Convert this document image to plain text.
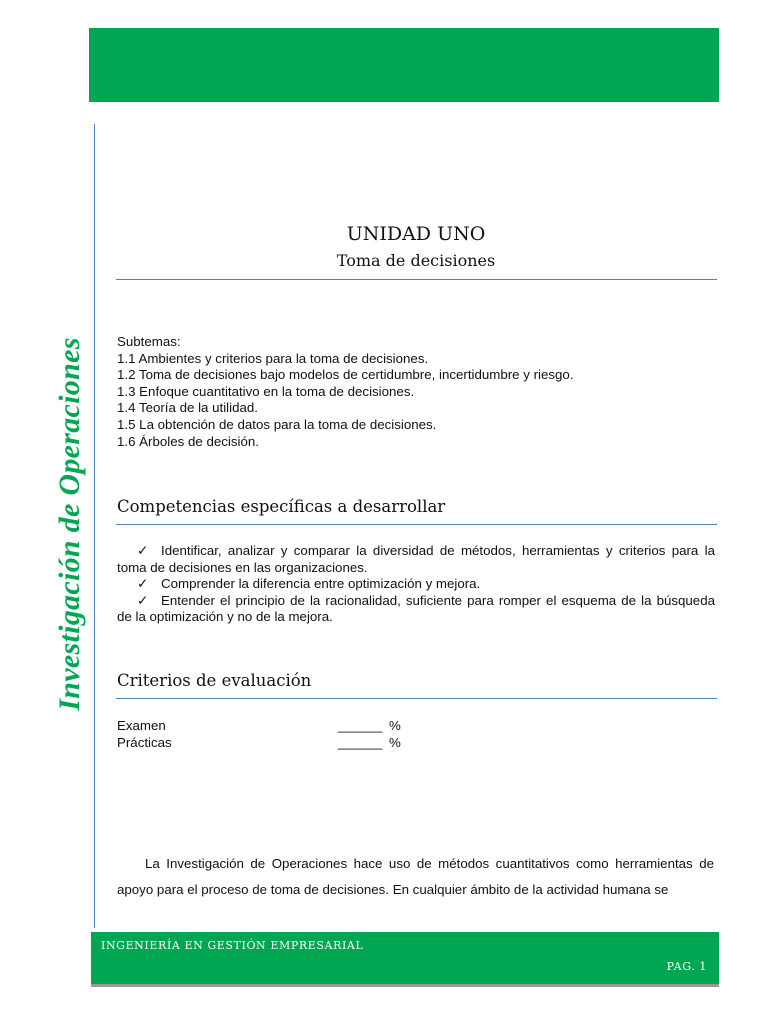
Investigación de Operaciones
UNIDAD UNO
Toma de decisiones
Subtemas:
1.1 Ambientes y criterios para la toma de decisiones.
1.2 Toma de decisiones bajo modelos de certidumbre, incertidumbre y riesgo.
1.3 Enfoque cuantitativo en la toma de decisiones.
1.4 Teoría de la utilidad.
1.5 La obtención de datos para la toma de decisiones.
1.6 Árboles de decisión.
Competencias específicas a desarrollar
✓ Identificar, analizar y comparar la diversidad de métodos, herramientas y criterios para la toma de decisiones en las organizaciones.
✓ Comprender la diferencia entre optimización y mejora.
✓ Entender el principio de la racionalidad, suficiente para romper el esquema de la búsqueda de la optimización y no de la mejora.
Criterios de evaluación
Examen	______ %
Prácticas	______ %
La Investigación de Operaciones hace uso de métodos cuantitativos como herramientas de apoyo para el proceso de toma de decisiones. En cualquier ámbito de la actividad humana se
INGENIERÍA EN GESTIÓN EMPRESARIAL
PAG. 1
